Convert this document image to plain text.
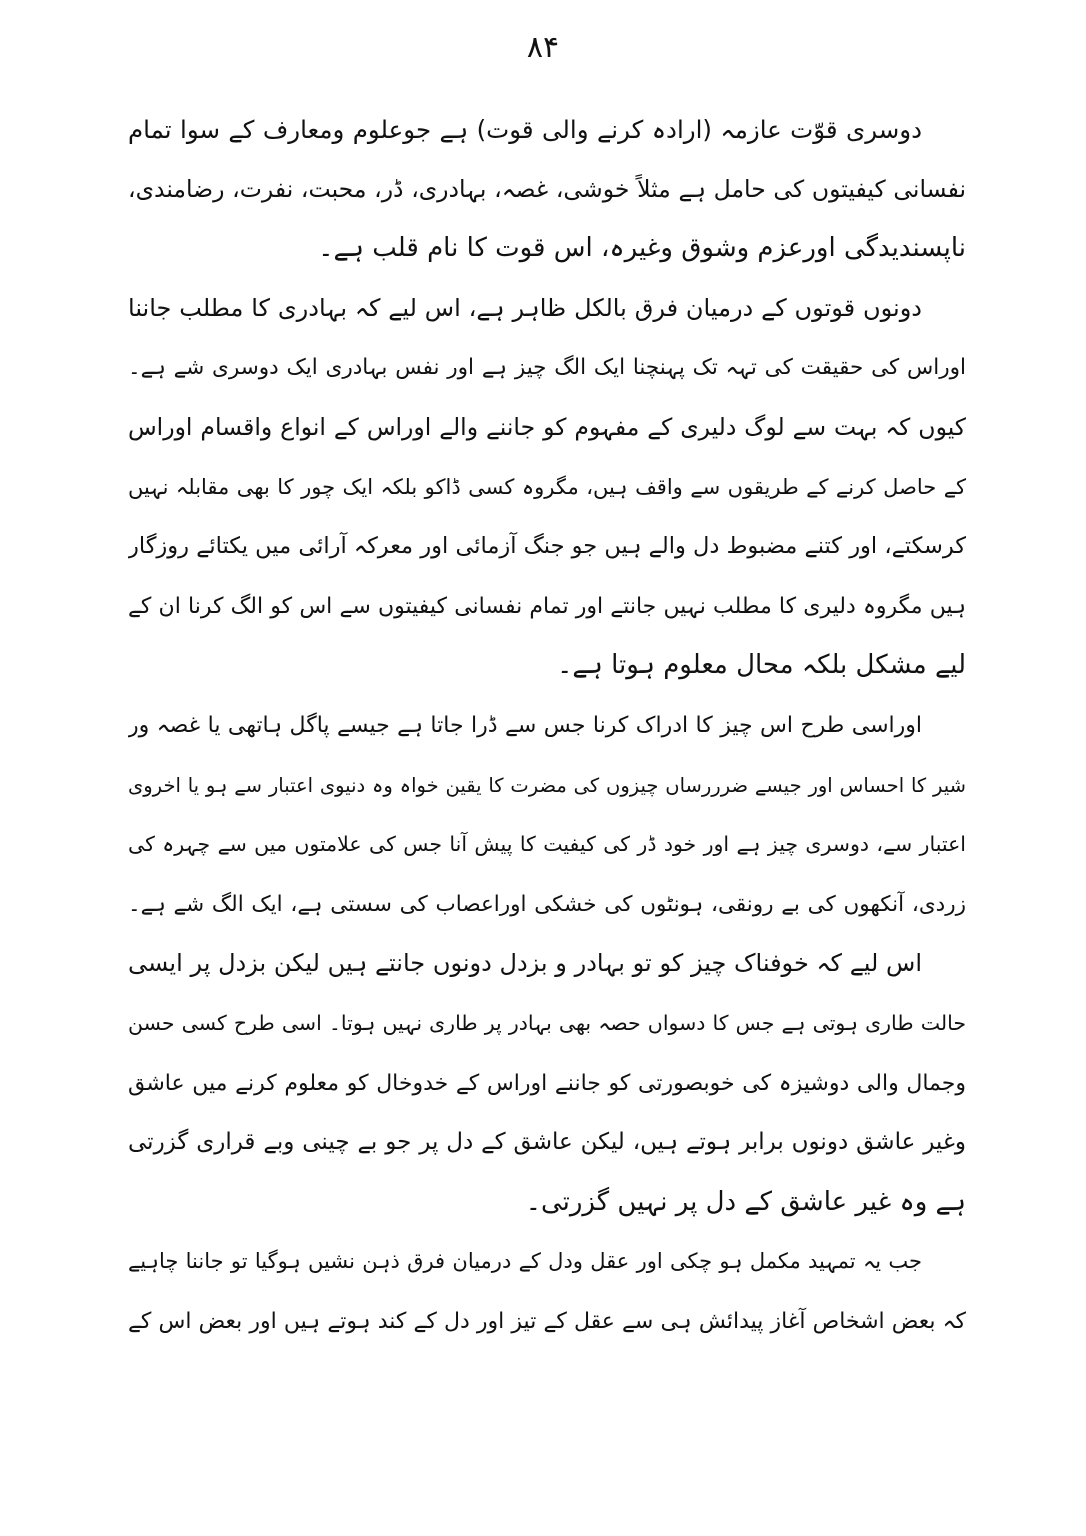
۸۴
دوسری قوّت عازمہ (ارادہ کرنے والی قوت) ہے جوعلوم ومعارف کے سوا تمام
نفسانی کیفیتوں کی حامل ہے مثلاً خوشی، غصہ، بہادری، ڈر، محبت، نفرت، رضامندی،
ناپسندیدگی اورعزم وشوق وغیرہ، اس قوت کا نام قلب ہے۔
دونوں قوتوں کے درمیان فرق بالکل ظاہر ہے، اس لیے کہ بہادری کا مطلب جاننا
اوراس کی حقیقت کی تہہ تک پہنچنا ایک الگ چیز ہے اور نفس بہادری ایک دوسری شے ہے۔
کیوں کہ بہت سے لوگ دلیری کے مفہوم کو جاننے والے اوراس کے انواع واقسام اوراس
کے حاصل کرنے کے طریقوں سے واقف ہیں، مگروہ کسی ڈاکو بلکہ ایک چور کا بھی مقابلہ نہیں
کرسکتے، اور کتنے مضبوط دل والے ہیں جو جنگ آزمائی اور معرکہ آرائی میں یکتائے روزگار
ہیں مگروہ دلیری کا مطلب نہیں جانتے اور تمام نفسانی کیفیتوں سے اس کو الگ کرنا ان کے
لیے مشکل بلکہ محال معلوم ہوتا ہے۔
اوراسی طرح اس چیز کا ادراک کرنا جس سے ڈرا جاتا ہے جیسے پاگل ہاتھی یا غصہ ور
شیر کا احساس اور جیسے ضرررساں چیزوں کی مضرت کا یقین خواہ وہ دنیوی اعتبار سے ہو یا اخروی
اعتبار سے، دوسری چیز ہے اور خود ڈر کی کیفیت کا پیش آنا جس کی علامتوں میں سے چہرہ کی
زردی، آنکھوں کی بے رونقی، ہونٹوں کی خشکی اوراعصاب کی سستی ہے، ایک الگ شے ہے۔
اس لیے کہ خوفناک چیز کو تو بہادر و بزدل دونوں جانتے ہیں لیکن بزدل پر ایسی
حالت طاری ہوتی ہے جس کا دسواں حصہ بھی بہادر پر طاری نہیں ہوتا۔ اسی طرح کسی حسن
وجمال والی دوشیزہ کی خوبصورتی کو جاننے اوراس کے خدوخال کو معلوم کرنے میں عاشق
وغیر عاشق دونوں برابر ہوتے ہیں، لیکن عاشق کے دل پر جو بے چینی وبے قراری گزرتی
ہے وہ غیر عاشق کے دل پر نہیں گزرتی۔
جب یہ تمہید مکمل ہو چکی اور عقل ودل کے درمیان فرق ذہن نشیں ہوگیا تو جاننا چاہیے
کہ بعض اشخاص آغاز پیدائش ہی سے عقل کے تیز اور دل کے کند ہوتے ہیں اور بعض اس کے
